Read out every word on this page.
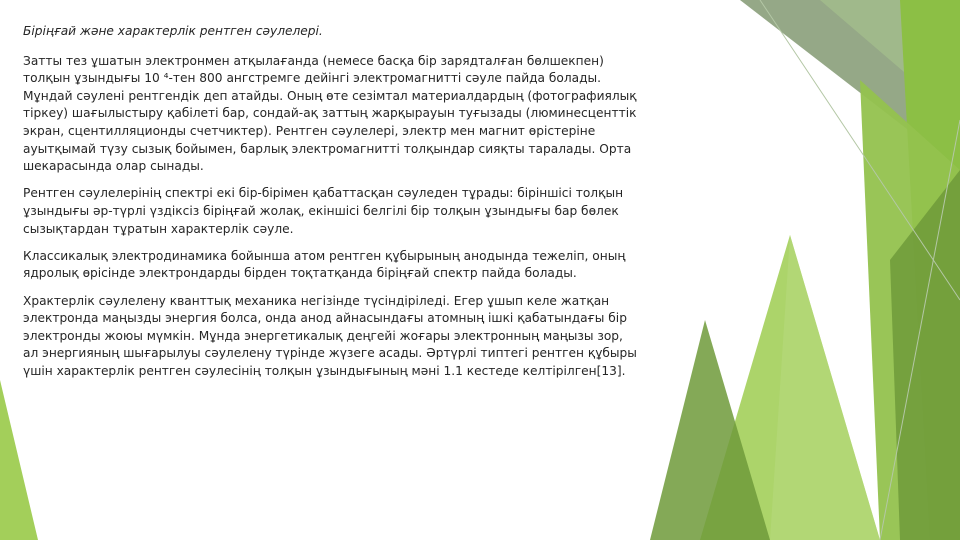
Біріңғай және характерлік рентген сәулелері.

Затты тез ұшатын электронмен атқылағанда (немесе басқа бір зарядталған бөлшекпен) толқын ұзындығы 10 ⁴-тен 800 ангстремге дейінгі электромагнитті сәуле пайда болады. Мұндай сәулені рентгендік деп атайды. Оның өте сезімтал материалдардың (фотографиялық тіркеу) шағылыстыру қабілеті бар, сондай-ақ заттың жарқырауын туғызады (люминесценттік экран, сцентилляционды счетчиктер). Рентген сәулелері, электр мен магнит өрістеріне ауытқымай түзу сызық бойымен, барлық электромагнитті толқындар сияқты таралады. Орта шекарасында олар сынады.

Рентген сәулелерінің спектрі екі бір-бірімен қабаттасқан сәуледен тұрады: біріншісі толқын ұзындығы әр-түрлі үздіксіз біріңғай жолақ, екіншісі белгілі бір толқын ұзындығы бар бөлек сызықтардан тұратын характерлік сәуле.

Классикалық электродинамика бойынша атом рентген құбырының анодында тежеліп, оның ядролық өрісінде электрондарды бірден тоқтатқанда біріңғай спектр пайда болады.

Храктерлік сәулелену кванттық механика негізінде түсіндіріледі. Егер ұшып келе жатқан электронда маңызды энергия болса, онда анод айнасындағы атомның ішкі қабатындағы бір электронды жоюы мүмкін. Мұнда энергетикалық деңгейі жоғары электронның маңызы зор, ал энергияның шығарылуы сәулелену түрінде жүзеге асады. Әртүрлі типтегі рентген құбыры үшін характерлік рентген сәулесінің толқын ұзындығының мәні 1.1 кестеде келтірілген[13].
